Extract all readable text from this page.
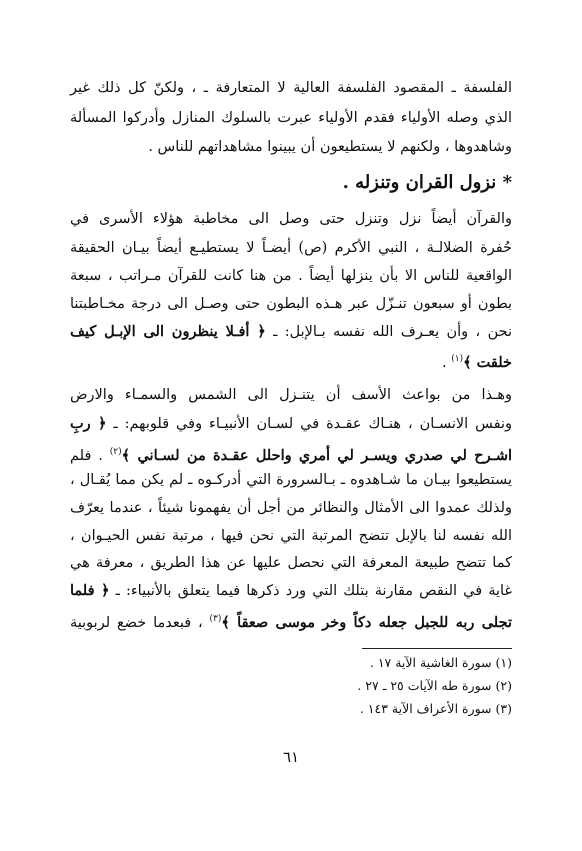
الفلسفة ـ المقصود الفلسفة العالية لا المتعارفة ـ ، ولكنّ كل ذلك غير
الذي وصله الأولياء فقدم الأولياء عبرت بالسلوك المنازل وأدركوا المسألة
وشاهدوها ، ولكنهم لا يستطيعون أن يبينوا مشاهداتهم للناس .
* نزول القران وتنزله .
والقرآن أيضاً نزل وتنزل حتى وصل الى مخاطبة هؤلاء الأسرى في
حُفرة الضلالـة ، النبي الأكرم (ص) أيضـاً لا يستطيـع أيضاً بيـان الحقيقة
الواقعية للناس الا بأن ينزلها أيضاً . من هنا كانت للقرآن مـراتب ، سبعة
بطون أو سبعون تنـزّل عبر هـذه البطون حتى وصـل الى درجة مخـاطبتنا
نحن ، وأن يعـرف الله نفسه بـالإبل: ـ ﴿ أفـلا ينظرون الى الإبـل كيف
خلقت ﴾$^{(١)}$ .
وهـذا من بواعث الأسف أن يتنـزل الى الشمس والسمـاء والارض
ونفس الانسـان ، هنـاك عقـدة في لسـان الأنبيـاء وفي قلوبهم: ـ ﴿ ربِ
اشـرح لي صدري ويسـر لي أمري واحلل عقـدة من لسـاني ﴾$^{(٢)}$ . فلم
يستطيعوا بيـان ما شـاهدوه ـ بـالسرورة التي أدركـوه ـ لم يكن مما يُقـال ،
ولذلك عمدوا الى الأمثال والنظائر من أجل أن يفهمونا شيئاً ، عندما يعرّف
الله نفسه لنا بالإبل تتضح المرتبة التي نحن فيها ، مرتبة نفس الحيـوان ،
كما تتضح طبيعة المعرفة التي نحصل عليها عن هذا الطريق ، معرفة هي
غاية في النقص مقارنة بتلك التي ورد ذكرها فيما يتعلق بالأنبياء: ـ ﴿ فلما
تجلى ربه للجبل جعله دكاً وخر موسى صعقاً ﴾$^{(٣)}$ ، فبعدما خضع لربوبية
(١) سورة الغاشية الآية ١٧ .
(٢) سورة طه الآيات ٢٥ ـ ٢٧ .
(٣) سورة الأعراف الآية ١٤٣ .
٦١
